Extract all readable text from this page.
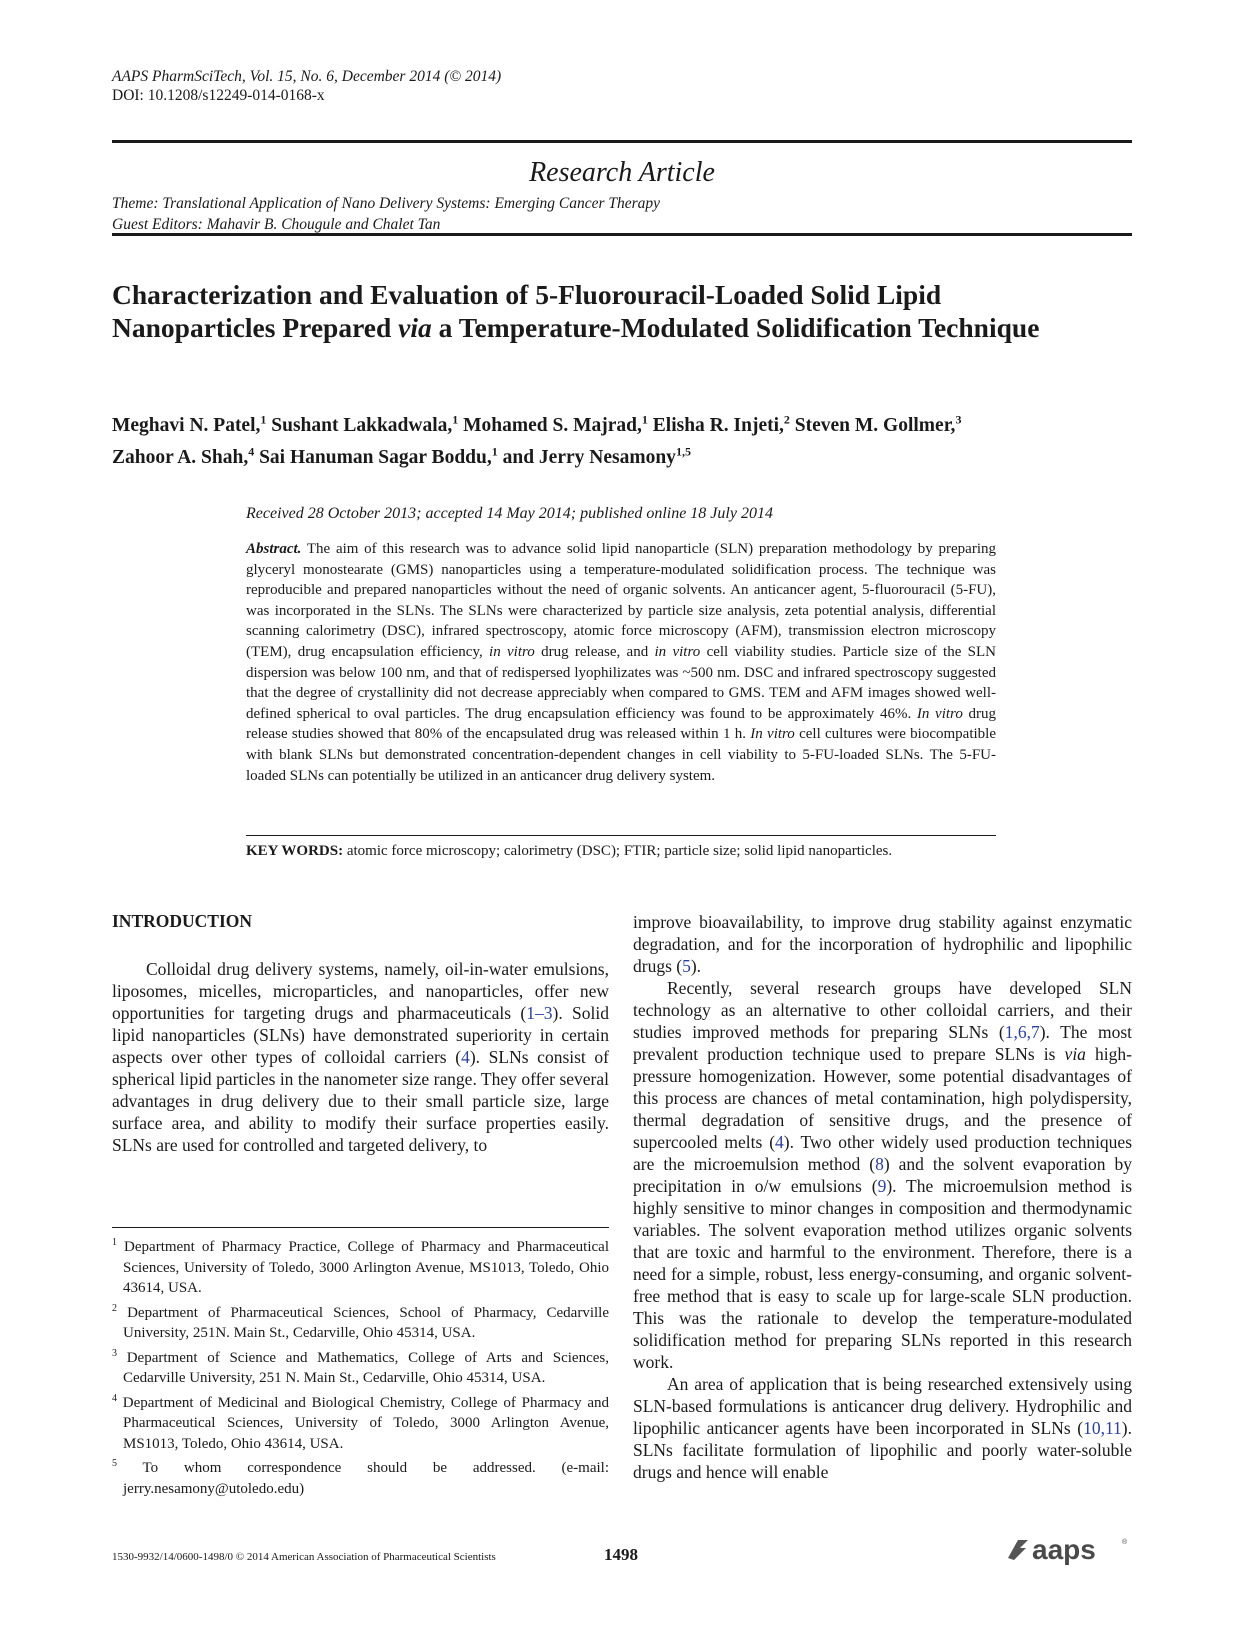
AAPS PharmSciTech, Vol. 15, No. 6, December 2014 (© 2014)
DOI: 10.1208/s12249-014-0168-x
Research Article
Theme: Translational Application of Nano Delivery Systems: Emerging Cancer Therapy
Guest Editors: Mahavir B. Chougule and Chalet Tan
Characterization and Evaluation of 5-Fluorouracil-Loaded Solid Lipid
Nanoparticles Prepared via a Temperature-Modulated Solidification Technique
Meghavi N. Patel,$^1$ Sushant Lakkadwala,$^1$ Mohamed S. Majrad,$^1$ Elisha R. Injeti,$^2$ Steven M. Gollmer,$^3$
Zahoor A. Shah,$^4$ Sai Hanuman Sagar Boddu,$^1$ and Jerry Nesamony$^{1,5}$
Received 28 October 2013; accepted 14 May 2014; published online 18 July 2014
Abstract. The aim of this research was to advance solid lipid nanoparticle (SLN) preparation methodology by preparing glyceryl monostearate (GMS) nanoparticles using a temperature-modulated solidification process. The technique was reproducible and prepared nanoparticles without the need of organic solvents. An anticancer agent, 5-fluorouracil (5-FU), was incorporated in the SLNs. The SLNs were characterized by particle size analysis, zeta potential analysis, differential scanning calorimetry (DSC), infrared spectroscopy, atomic force microscopy (AFM), transmission electron microscopy (TEM), drug encapsulation efficiency, in vitro drug release, and in vitro cell viability studies. Particle size of the SLN dispersion was below 100 nm, and that of redispersed lyophilizates was ~500 nm. DSC and infrared spectroscopy suggested that the degree of crystallinity did not decrease appreciably when compared to GMS. TEM and AFM images showed well-defined spherical to oval particles. The drug encapsulation efficiency was found to be approximately 46%. In vitro drug release studies showed that 80% of the encapsulated drug was released within 1 h. In vitro cell cultures were biocompatible with blank SLNs but demonstrated concentration-dependent changes in cell viability to 5-FU-loaded SLNs. The 5-FU-loaded SLNs can potentially be utilized in an anticancer drug delivery system.
KEY WORDS: atomic force microscopy; calorimetry (DSC); FTIR; particle size; solid lipid nanoparticles.
INTRODUCTION

Colloidal drug delivery systems, namely, oil-in-water emulsions, liposomes, micelles, microparticles, and nanoparticles, offer new opportunities for targeting drugs and pharmaceuticals (1–3). Solid lipid nanoparticles (SLNs) have demonstrated superiority in certain aspects over other types of colloidal carriers (4). SLNs consist of spherical lipid particles in the nanometer size range. They offer several advantages in drug delivery due to their small particle size, large surface area, and ability to modify their surface properties easily. SLNs are used for controlled and targeted delivery, to

improve bioavailability, to improve drug stability against enzymatic degradation, and for the incorporation of hydrophilic and lipophilic drugs (5).

Recently, several research groups have developed SLN technology as an alternative to other colloidal carriers, and their studies improved methods for preparing SLNs (1,6,7). The most prevalent production technique used to prepare SLNs is via high-pressure homogenization. However, some potential disadvantages of this process are chances of metal contamination, high polydispersity, thermal degradation of sensitive drugs, and the presence of supercooled melts (4). Two other widely used production techniques are the microemulsion method (8) and the solvent evaporation by precipitation in o/w emulsions (9). The microemulsion method is highly sensitive to minor changes in composition and thermodynamic variables. The solvent evaporation method utilizes organic solvents that are toxic and harmful to the environment. Therefore, there is a need for a simple, robust, less energy-consuming, and organic solvent-free method that is easy to scale up for large-scale SLN production. This was the rationale to develop the temperature-modulated solidification method for preparing SLNs reported in this research work.

An area of application that is being researched extensively using SLN-based formulations is anticancer drug delivery. Hydrophilic and lipophilic anticancer agents have been incorporated in SLNs (10,11). SLNs facilitate formulation of lipophilic and poorly water-soluble drugs and hence will enable

$^1$ Department of Pharmacy Practice, College of Pharmacy and Pharmaceutical Sciences, University of Toledo, 3000 Arlington Avenue, MS1013, Toledo, Ohio 43614, USA.

$^2$ Department of Pharmaceutical Sciences, School of Pharmacy, Cedarville University, 251N. Main St., Cedarville, Ohio 45314, USA.

$^3$ Department of Science and Mathematics, College of Arts and Sciences, Cedarville University, 251 N. Main St., Cedarville, Ohio 45314, USA.

$^4$ Department of Medicinal and Biological Chemistry, College of Pharmacy and Pharmaceutical Sciences, University of Toledo, 3000 Arlington Avenue, MS1013, Toledo, Ohio 43614, USA.

$^5$ To whom correspondence should be addressed. (e-mail: jerry.nesamony@utoledo.edu)

1530-9932/14/0600-1498/0 © 2014 American Association of Pharmaceutical Scientists	1498	aaps	®
